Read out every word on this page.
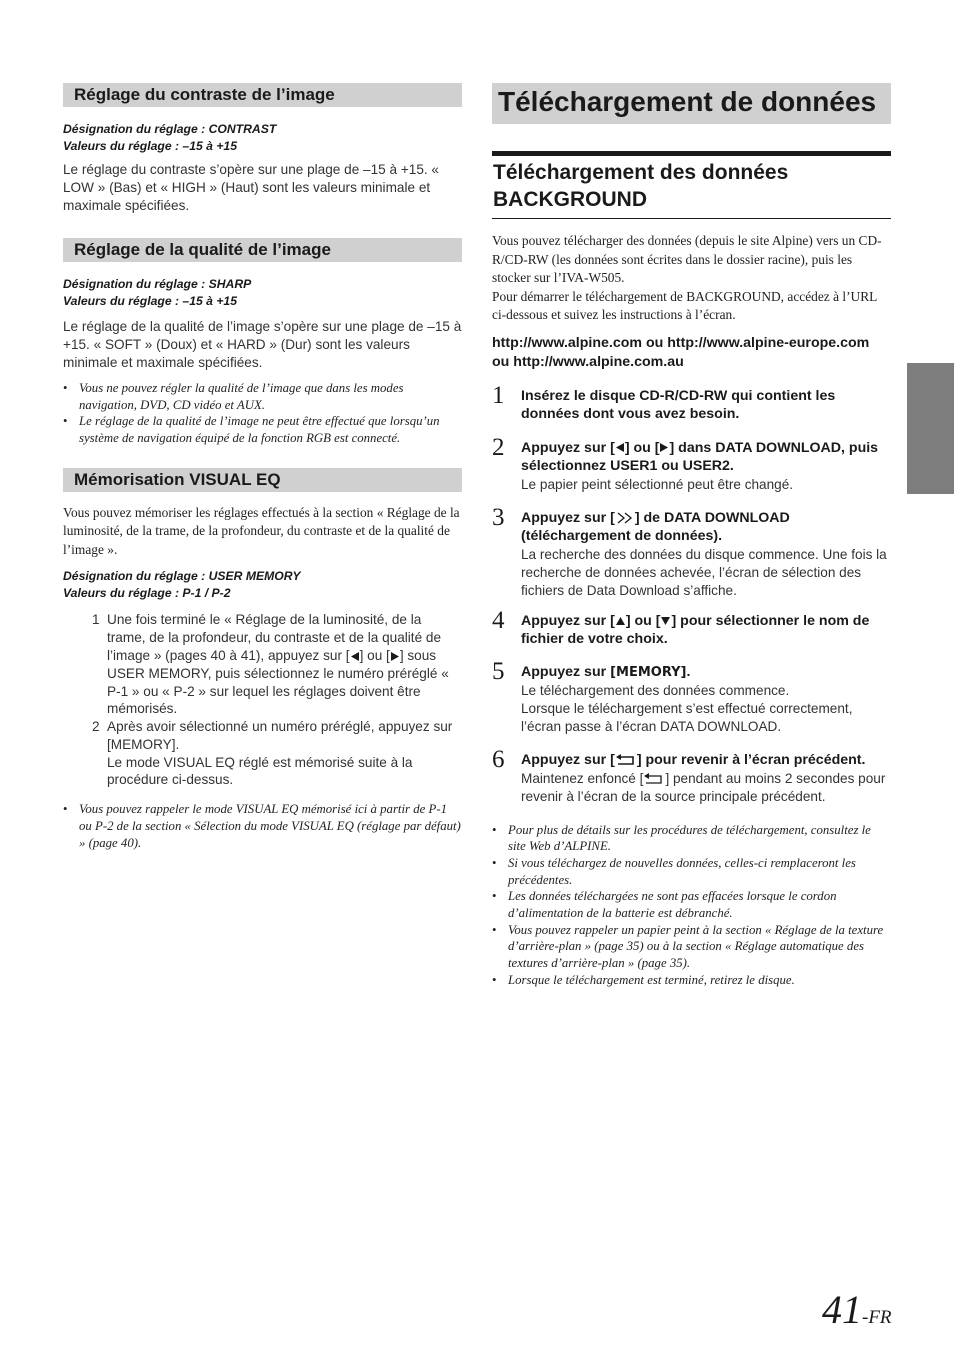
Réglage du contraste de l’image

Désignation du réglage : CONTRAST

Valeurs du réglage : –15 à +15

Le réglage du contraste s’opère sur une plage de –15 à +15. « LOW » (Bas) et « HIGH » (Haut) sont les valeurs minimale et maximale spécifiées.

Réglage de la qualité de l’image

Désignation du réglage : SHARP

Valeurs du réglage : –15 à +15

Le réglage de la qualité de l’image s’opère sur une plage de –15 à +15. « SOFT » (Doux) et « HARD » (Dur) sont les valeurs minimale et maximale spécifiées.

• Vous ne pouvez régler la qualité de l’image que dans les modes navigation, DVD, CD vidéo et AUX.
• Le réglage de la qualité de l’image ne peut être effectué que lorsqu’un système de navigation équipé de la fonction RGB est connecté.
Mémorisation VISUAL EQ

Vous pouvez mémoriser les réglages effectués à la section « Réglage de la luminosité, de la trame, de la profondeur, du contraste et de la qualité de l’image ».

Désignation du réglage : USER MEMORY

Valeurs du réglage : P-1 / P-2

1 Une fois terminé le « Réglage de la luminosité, de la trame, de la profondeur, du contraste et de la qualité de l’image » (pages 40 à 41), appuyez sur [ ] ou [ ] sous USER MEMORY, puis sélectionnez le numéro préréglé « P-1 » ou « P-2 » sur lequel les réglages doivent être mémorisés.
2 Après avoir sélectionné un numéro préréglé, appuyez sur [MEMORY].
Le mode VISUAL EQ réglé est mémorisé suite à la procédure ci-dessus.
• Vous pouvez rappeler le mode VISUAL EQ mémorisé ici à partir de P-1 ou P-2 de la section « Sélection du mode VISUAL EQ (réglage par défaut) » (page 40).
Téléchargement de données
Téléchargement des données
BACKGROUND

Vous pouvez télécharger des données (depuis le site Alpine) vers un CD-R/CD-RW (les données sont écrites dans le dossier racine), puis les stocker sur l’IVA-W505.

Pour démarrer le téléchargement de BACKGROUND, accédez à l’URL ci-dessous et suivez les instructions à l’écran.

http://www.alpine.com ou http://www.alpine-europe.com

ou http://www.alpine.com.au

1 Insérez le disque CD-R/CD-RW qui contient les données dont vous avez besoin.

2 Appuyez sur [ ] ou [ ] dans DATA DOWNLOAD, puis sélectionnez USER1 ou USER2.

Le papier peint sélectionné peut être changé.

3 Appuyez sur [ ] de DATA DOWNLOAD (téléchargement de données).

La recherche des données du disque commence. Une fois la recherche de données achevée, l’écran de sélection des fichiers de Data Download s’affiche.

4 Appuyez sur [ ] ou [ ] pour sélectionner le nom de fichier de votre choix.

5 Appuyez sur [MEMORY].

Le téléchargement des données commence.

Lorsque le téléchargement s’est effectué correctement, l’écran passe à l’écran DATA DOWNLOAD.

6 Appuyez sur [ ] pour revenir à l’écran précédent.

Maintenez enfoncé [ ] pendant au moins 2 secondes pour revenir à l’écran de la source principale précédent.

• Pour plus de détails sur les procédures de téléchargement, consultez le site Web d’ALPINE.
• Si vous téléchargez de nouvelles données, celles-ci remplaceront les précédentes.
• Les données téléchargées ne sont pas effacées lorsque le cordon d’alimentation de la batterie est débranché.
• Vous pouvez rappeler un papier peint à la section « Réglage de la texture d’arrière-plan » (page 35) ou à la section « Réglage automatique des textures d’arrière-plan » (page 35).
• Lorsque le téléchargement est terminé, retirez le disque.
41-FR
